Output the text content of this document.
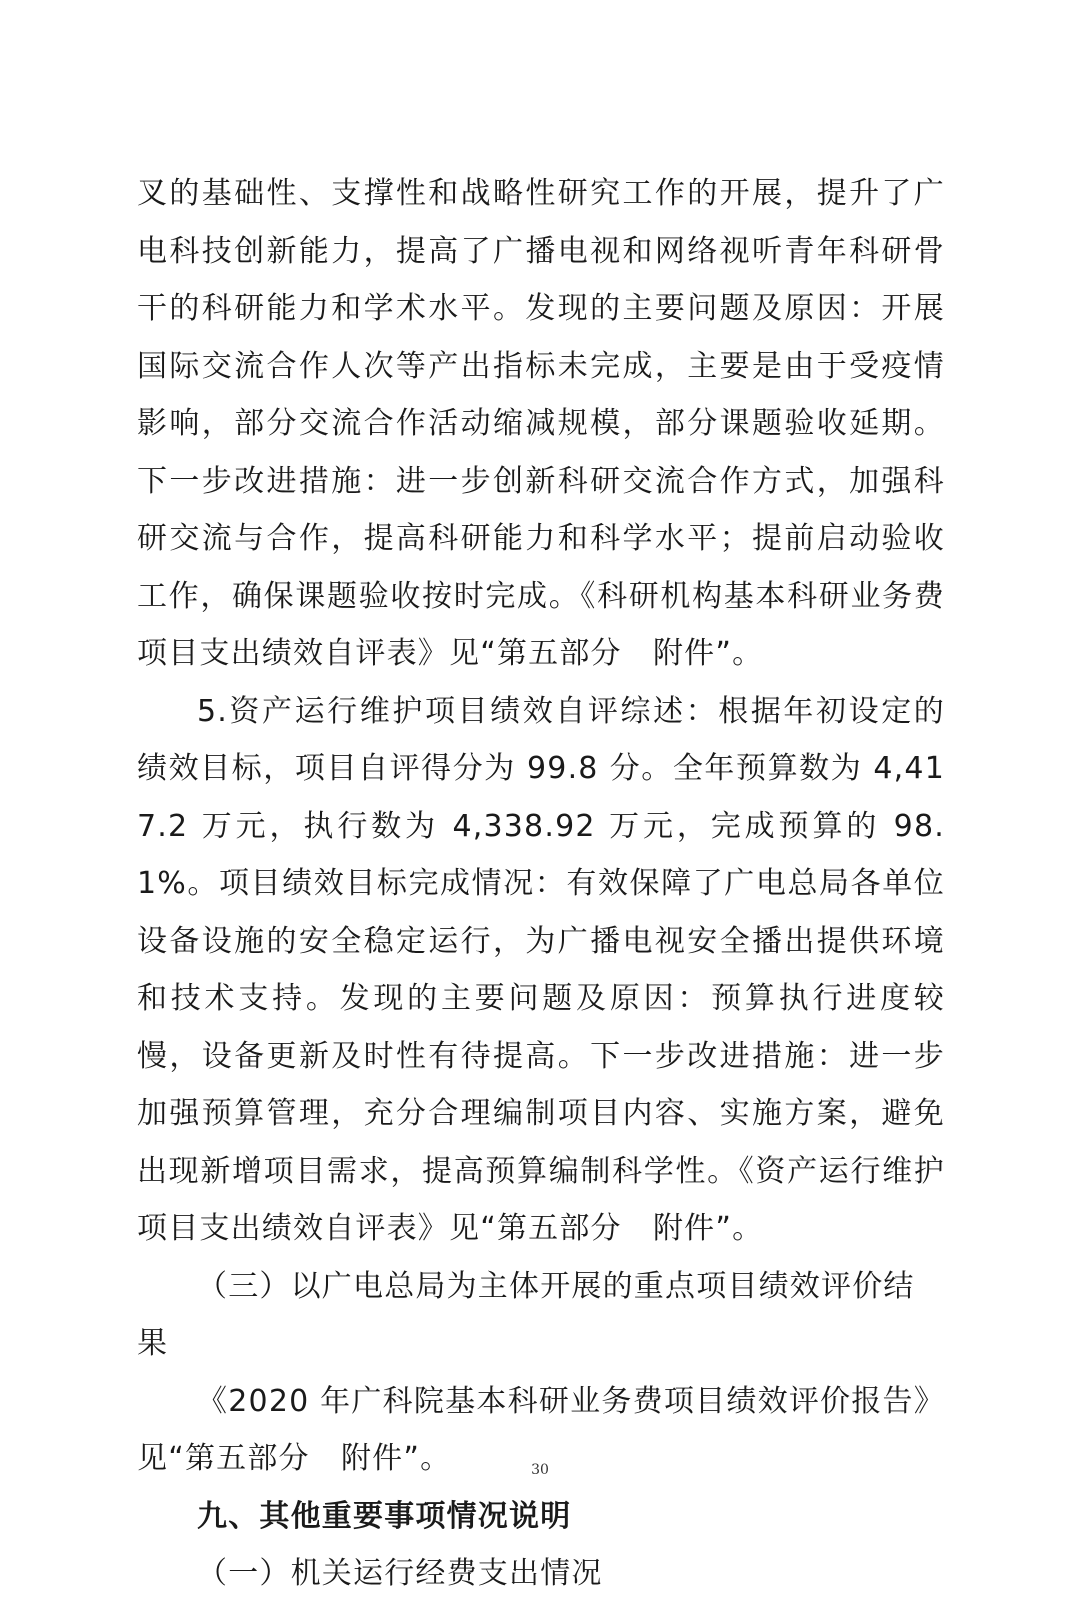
叉的基础性、支撑性和战略性研究工作的开展，提升了广电科技创新能力，提高了广播电视和网络视听青年科研骨干的科研能力和学术水平。发现的主要问题及原因：开展国际交流合作人次等产出指标未完成，主要是由于受疫情影响，部分交流合作活动缩减规模，部分课题验收延期。下一步改进措施：进一步创新科研交流合作方式，加强科研交流与合作，提高科研能力和科学水平；提前启动验收工作，确保课题验收按时完成。《科研机构基本科研业务费项目支出绩效自评表》见“第五部分　附件”。

5.资产运行维护项目绩效自评综述：根据年初设定的绩效目标，项目自评得分为 99.8 分。全年预算数为 4,417.2 万元，执行数为 4,338.92 万元，完成预算的 98.1%。项目绩效目标完成情况：有效保障了广电总局各单位设备设施的安全稳定运行，为广播电视安全播出提供环境和技术支持。发现的主要问题及原因：预算执行进度较慢，设备更新及时性有待提高。下一步改进措施：进一步加强预算管理，充分合理编制项目内容、实施方案，避免出现新增项目需求，提高预算编制科学性。《资产运行维护项目支出绩效自评表》见“第五部分　附件”。

（三）以广电总局为主体开展的重点项目绩效评价结果

《2020 年广科院基本科研业务费项目绩效评价报告》见“第五部分　附件”。

九、其他重要事项情况说明

（一）机关运行经费支出情况

30
